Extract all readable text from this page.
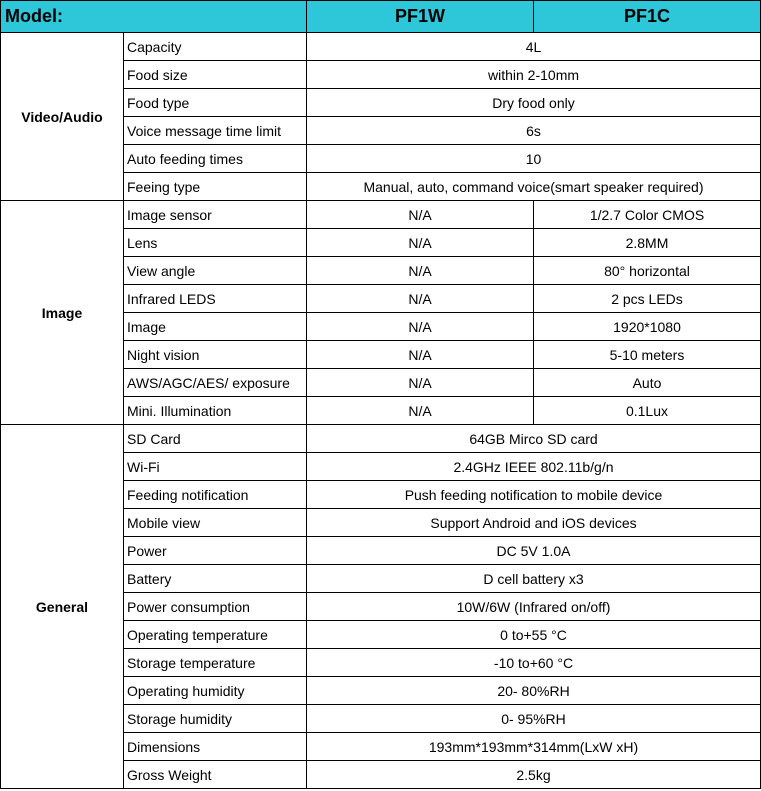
Model:		PF1W	PF1C
Video/Audio	Capacity	4L	
	Food size	within 2-10mm	
	Food type	Dry food only	
	Voice message time limit	6s	
	Auto feeding times	10	
	Feeing type	Manual, auto, command voice(smart speaker required)	
Image	Image sensor	N/A	1/2.7 Color CMOS
	Lens	N/A	2.8MM
	View angle	N/A	80° horizontal
	Infrared LEDS	N/A	2 pcs LEDs
	Image	N/A	1920*1080
	Night vision	N/A	5-10 meters
	AWS/AGC/AES/ exposure	N/A	Auto
	Mini. Illumination	N/A	0.1Lux
General	SD Card	64GB Mirco SD card	
	Wi-Fi	2.4GHz IEEE 802.11b/g/n	
	Feeding notification	Push feeding notification to mobile device	
	Mobile view	Support Android and iOS devices	
	Power	DC 5V 1.0A	
	Battery	D cell battery x3	
	Power consumption	10W/6W (Infrared on/off)	
	Operating temperature	0 to+55 °C	
	Storage temperature	-10 to+60 °C	
	Operating humidity	20- 80%RH	
	Storage humidity	0- 95%RH	
	Dimensions	193mm*193mm*314mm(LxW xH)	
	Gross Weight	2.5kg	
